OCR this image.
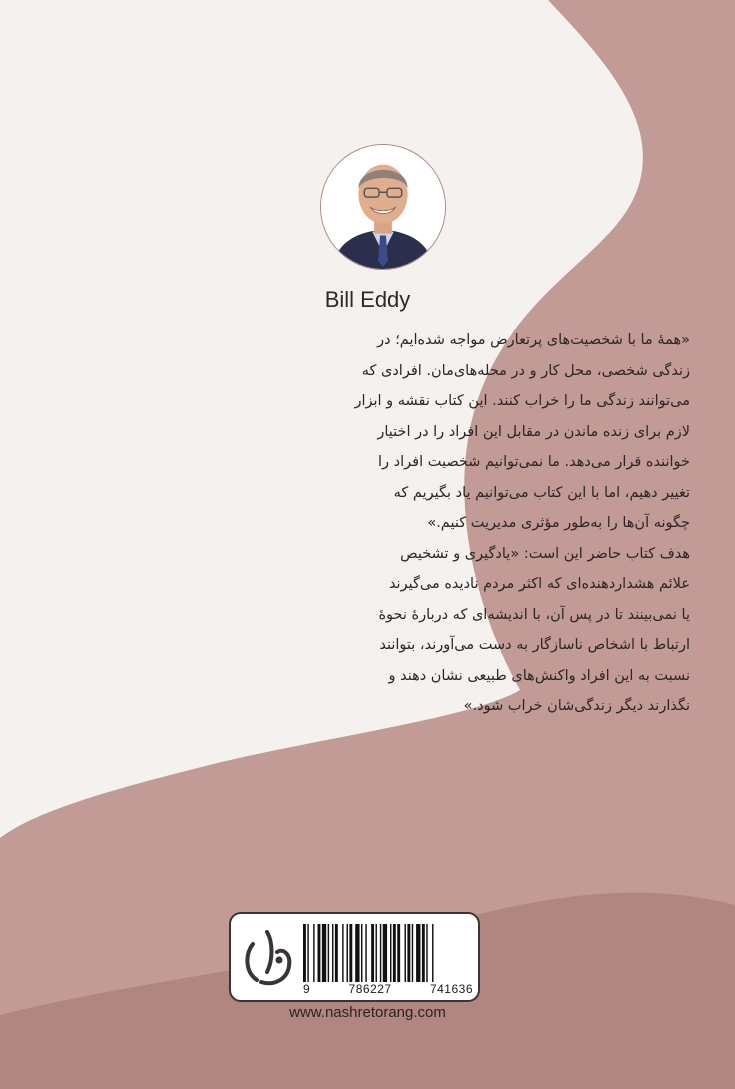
Bill Eddy
«همهٔ ما با شخصیت‌های پرتعارض مواجه شده‌ایم؛ در
زندگی شخصی، محل کار و در محله‌های‌مان. افرادی که
می‌توانند زندگی ما را خراب کنند. این کتاب نقشه و ابزار
لازم برای زنده ماندن در مقابل این افراد را در اختیار
خواننده قرار می‌دهد. ما نمی‌توانیم شخصیت افراد را
تغییر دهیم، اما با این کتاب می‌توانیم یاد بگیریم که
چگونه آن‌ها را به‌طور مؤثری مدیریت کنیم.»
هدف کتاب حاضر این است: «یادگیری و تشخیص
علائم هشداردهنده‌ای که اکثر مردم نادیده می‌گیرند
یا نمی‌بینند تا در پس آن، با اندیشه‌ای که دربارهٔ نحوهٔ
ارتباط با اشخاص ناسازگار به دست می‌آورند، بتوانند
نسبت به این افراد واکنش‌های طبیعی نشان دهند و
نگذارند دیگر زندگی‌شان خراب شود.»
9	786227	741636
www.nashretorang.com
